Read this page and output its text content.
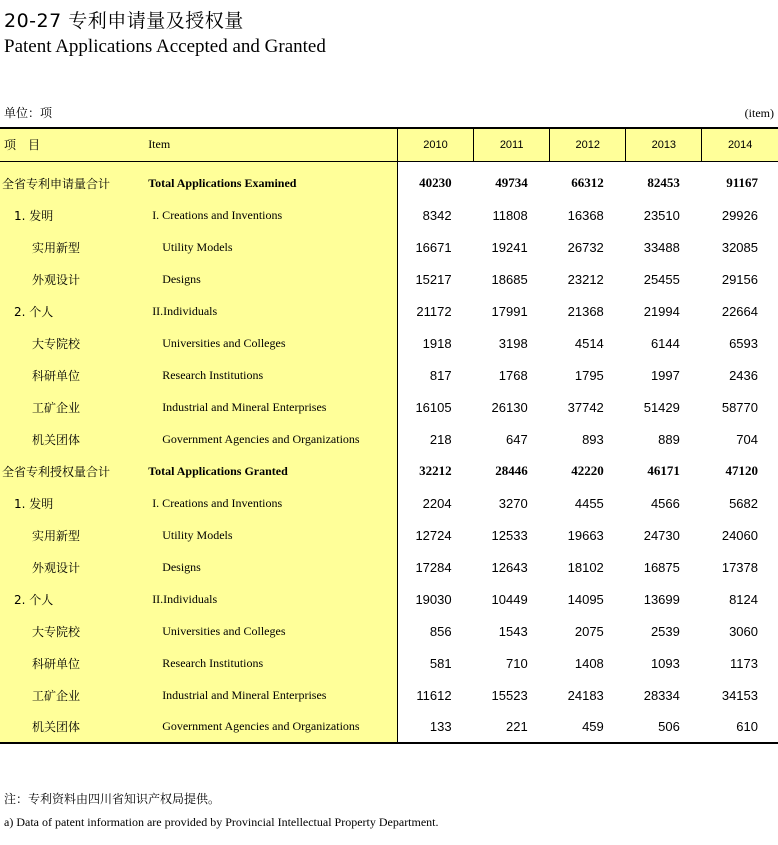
20-27 专利申请量及授权量
Patent Applications Accepted and Granted
单位：项	(item)
项　目	Item	2010	2011	2012	2013	2014
全省专利申请量合计	Total Applications Examined	40230	49734	66312	82453	91167
1. 发明	I. Creations and Inventions	8342	11808	16368	23510	29926
实用新型	Utility Models	16671	19241	26732	33488	32085
外观设计	Designs	15217	18685	23212	25455	29156
2. 个人	II.Individuals	21172	17991	21368	21994	22664
大专院校	Universities and Colleges	1918	3198	4514	6144	6593
科研单位	Research Institutions	817	1768	1795	1997	2436
工矿企业	Industrial and Mineral Enterprises	16105	26130	37742	51429	58770
机关团体	Government Agencies and Organizations	218	647	893	889	704
全省专利授权量合计	Total Applications Granted	32212	28446	42220	46171	47120
1. 发明	I. Creations and Inventions	2204	3270	4455	4566	5682
实用新型	Utility Models	12724	12533	19663	24730	24060
外观设计	Designs	17284	12643	18102	16875	17378
2. 个人	II.Individuals	19030	10449	14095	13699	8124
大专院校	Universities and Colleges	856	1543	2075	2539	3060
科研单位	Research Institutions	581	710	1408	1093	1173
工矿企业	Industrial and Mineral Enterprises	11612	15523	24183	28334	34153
机关团体	Government Agencies and Organizations	133	221	459	506	610
注：专利资料由四川省知识产权局提供。
a) Data of patent information are provided by Provincial Intellectual Property Department.
